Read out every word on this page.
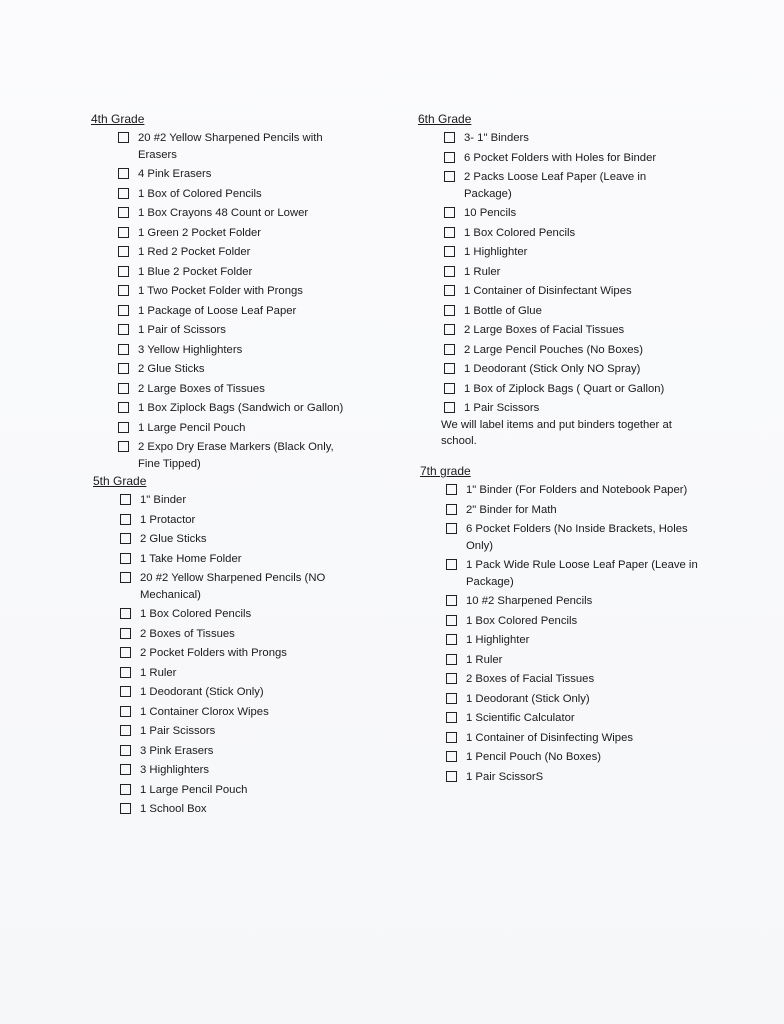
4th Grade
20 #2 Yellow Sharpened Pencils with Erasers
4 Pink Erasers
1 Box of Colored Pencils
1 Box Crayons 48 Count or Lower
1 Green 2 Pocket Folder
1 Red 2 Pocket Folder
1 Blue 2 Pocket Folder
1 Two Pocket Folder with Prongs
1 Package of Loose Leaf Paper
1 Pair of Scissors
3 Yellow Highlighters
2 Glue Sticks
2 Large Boxes of Tissues
1 Box Ziplock Bags (Sandwich or Gallon)
1 Large Pencil Pouch
2 Expo Dry Erase Markers (Black Only, Fine Tipped)
5th Grade
1" Binder
1 Protactor
2 Glue Sticks
1 Take Home Folder
20 #2 Yellow Sharpened Pencils (NO Mechanical)
1 Box Colored Pencils
2 Boxes of Tissues
2 Pocket Folders with Prongs
1 Ruler
1 Deodorant (Stick Only)
1 Container Clorox Wipes
1 Pair Scissors
3 Pink Erasers
3 Highlighters
1 Large Pencil Pouch
1 School Box
6th Grade
3- 1" Binders
6 Pocket Folders with Holes for Binder
2 Packs Loose Leaf Paper (Leave in Package)
10 Pencils
1 Box Colored Pencils
1 Highlighter
1 Ruler
1 Container of Disinfectant Wipes
1 Bottle of Glue
2 Large Boxes of Facial Tissues
2 Large Pencil Pouches (No Boxes)
1 Deodorant (Stick Only NO Spray)
1 Box of Ziplock Bags ( Quart or Gallon)
1 Pair Scissors
We will label items and put binders together at school.
7th grade
1" Binder (For Folders and Notebook Paper)
2" Binder for Math
6 Pocket Folders (No Inside Brackets, Holes Only)
1 Pack Wide Rule Loose Leaf Paper (Leave in Package)
10 #2 Sharpened Pencils
1 Box Colored Pencils
1 Highlighter
1 Ruler
2 Boxes of Facial Tissues
1 Deodorant (Stick Only)
1 Scientific Calculator
1 Container of Disinfecting Wipes
1 Pencil Pouch (No Boxes)
1 Pair ScissorS
